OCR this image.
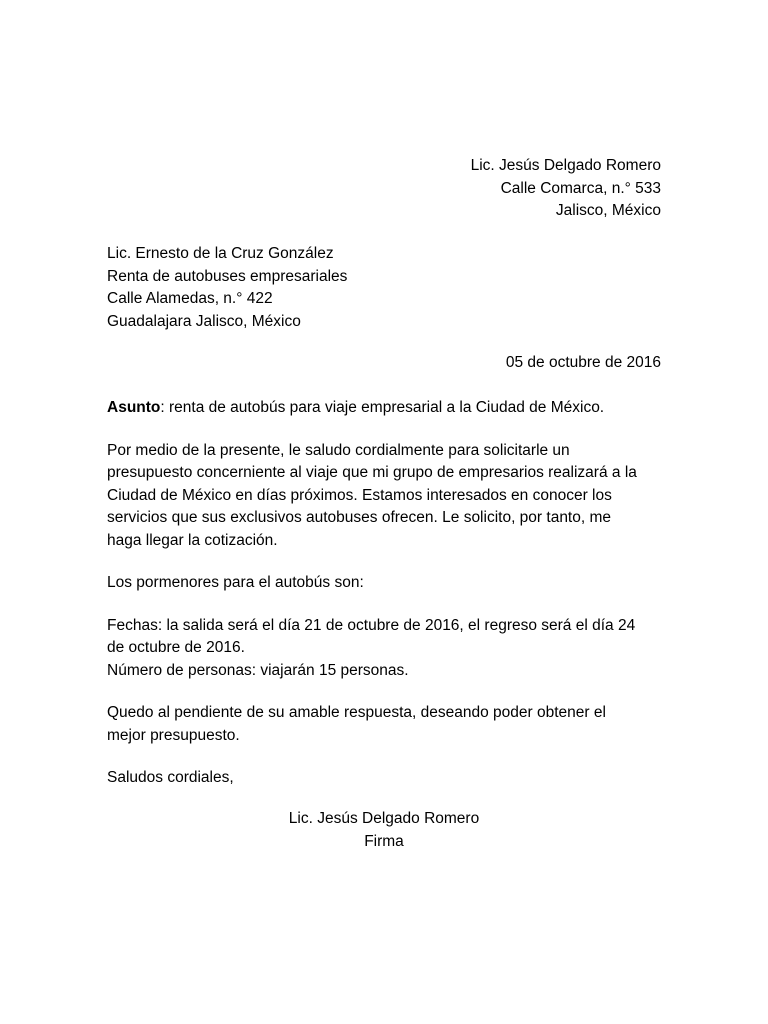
Lic. Jesús Delgado Romero
Calle Comarca, n.° 533
Jalisco, México
Lic. Ernesto de la Cruz González
Renta de autobuses empresariales
Calle Alamedas, n.° 422
Guadalajara Jalisco, México
05 de octubre de 2016

Asunto: renta de autobús para viaje empresarial a la Ciudad de México.

Por medio de la presente, le saludo cordialmente para solicitarle un
presupuesto concerniente al viaje que mi grupo de empresarios realizará a la
Ciudad de México en días próximos. Estamos interesados en conocer los
servicios que sus exclusivos autobuses ofrecen. Le solicito, por tanto, me
haga llegar la cotización.

Los pormenores para el autobús son:

Fechas: la salida será el día 21 de octubre de 2016, el regreso será el día 24
de octubre de 2016.
Número de personas: viajarán 15 personas.

Quedo al pendiente de su amable respuesta, deseando poder obtener el
mejor presupuesto.

Saludos cordiales,

Lic. Jesús Delgado Romero
Firma
